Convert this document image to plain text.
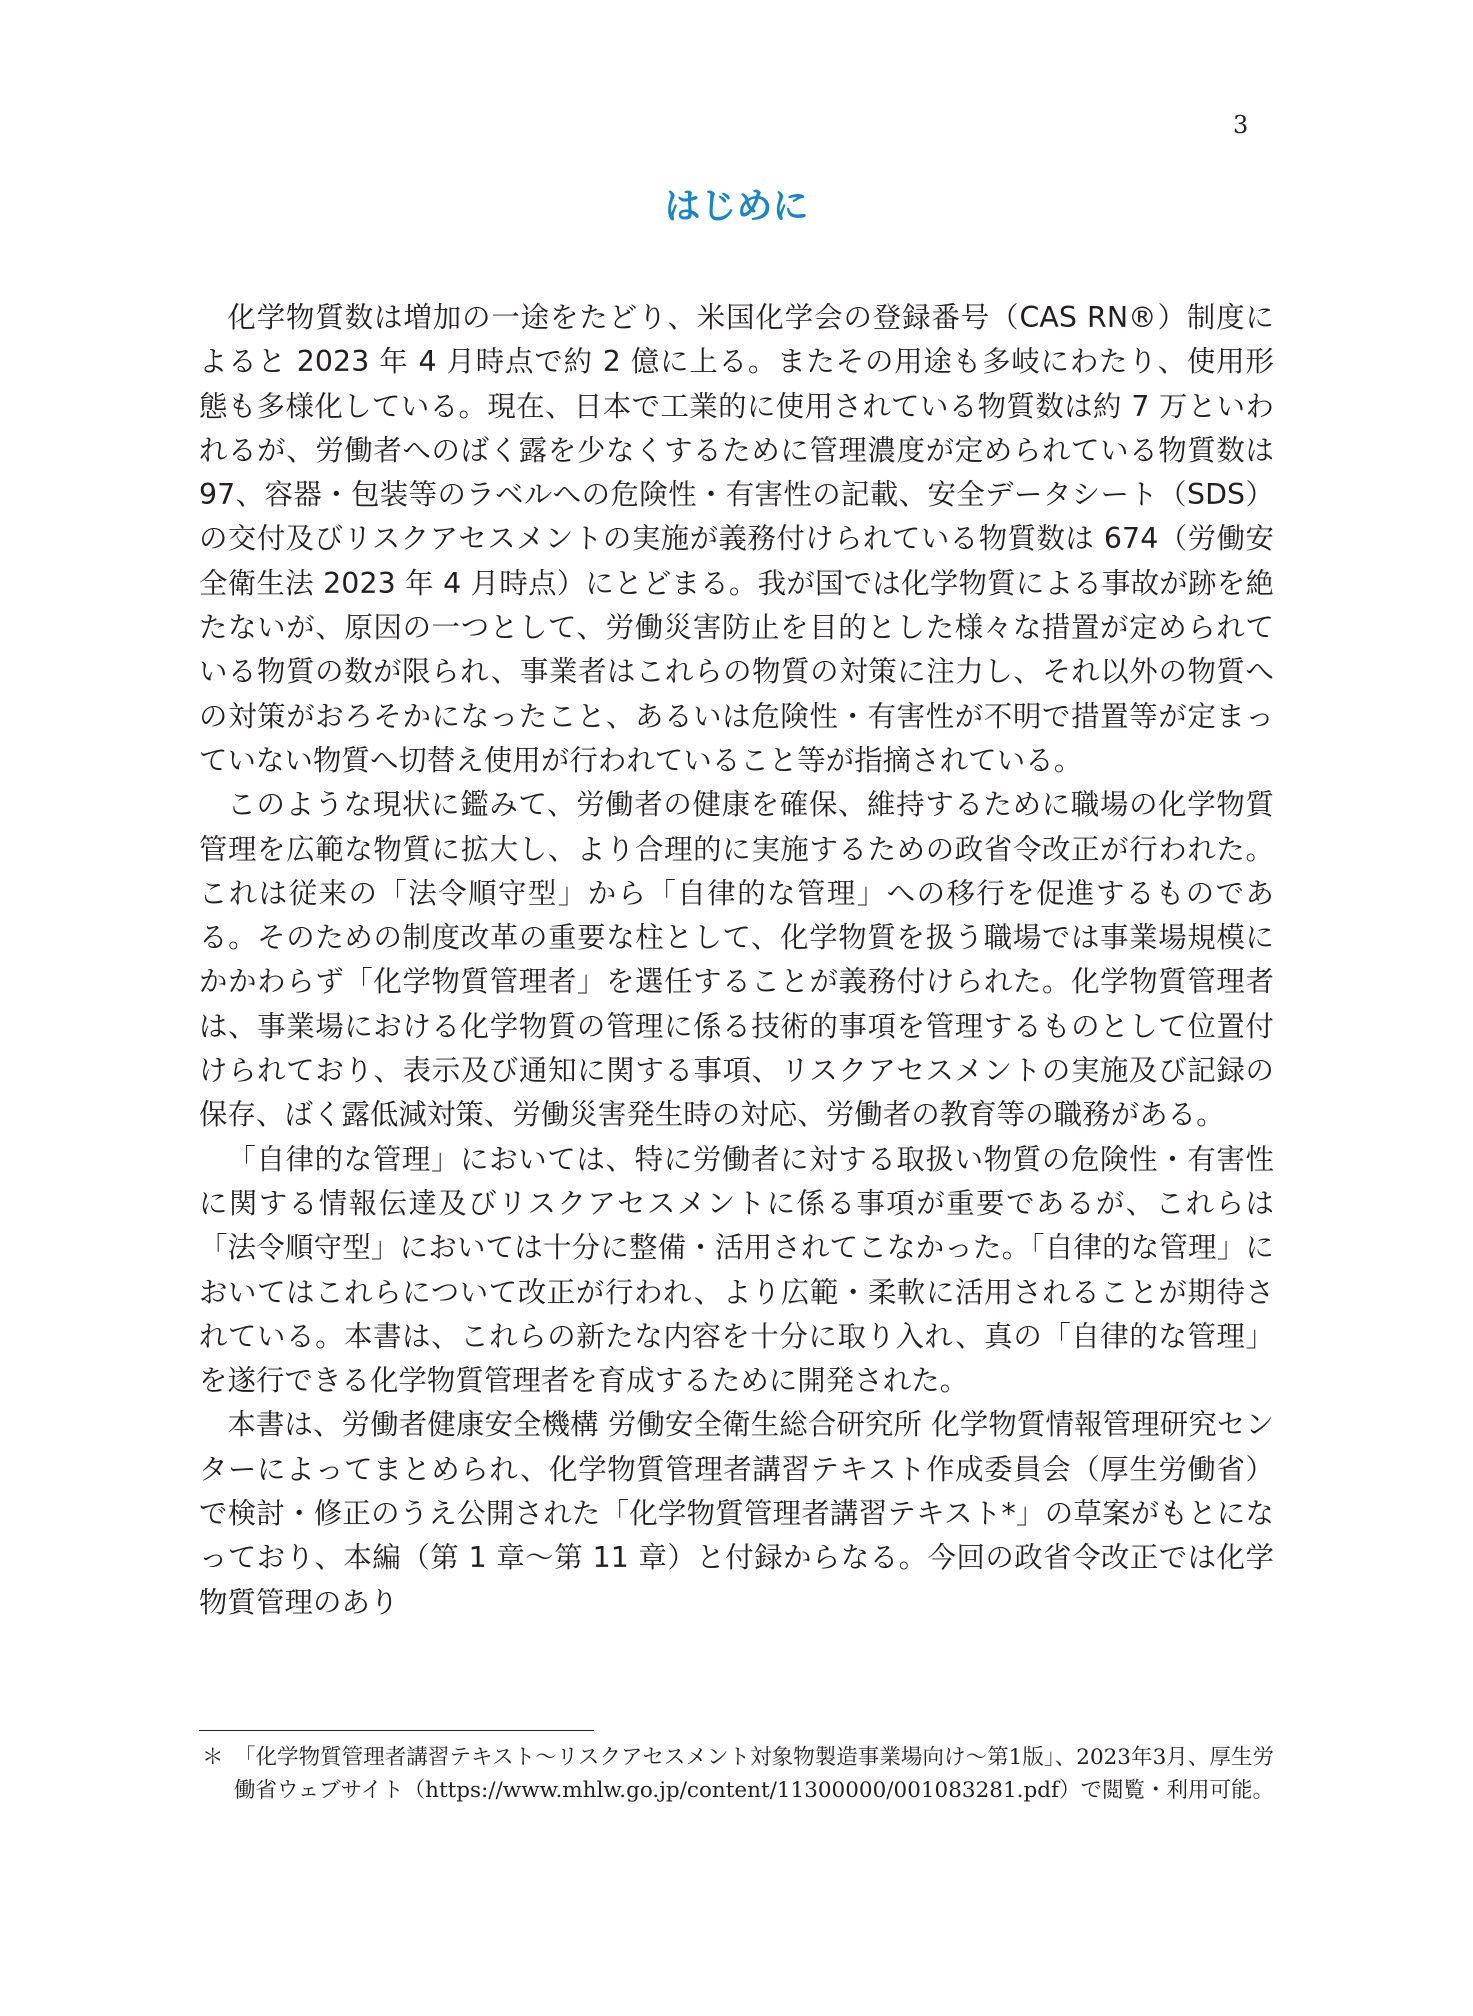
3
はじめに

化学物質数は増加の一途をたどり、米国化学会の登録番号（CAS RN®）制度によると 2023 年 4 月時点で約 2 億に上る。またその用途も多岐にわたり、使用形態も多様化している。現在、日本で工業的に使用されている物質数は約 7 万といわれるが、労働者へのばく露を少なくするために管理濃度が定められている物質数は 97、容器・包装等のラベルへの危険性・有害性の記載、安全データシート（SDS）の交付及びリスクアセスメントの実施が義務付けられている物質数は 674（労働安全衛生法 2023 年 4 月時点）にとどまる。我が国では化学物質による事故が跡を絶たないが、原因の一つとして、労働災害防止を目的とした様々な措置が定められている物質の数が限られ、事業者はこれらの物質の対策に注力し、それ以外の物質への対策がおろそかになったこと、あるいは危険性・有害性が不明で措置等が定まっていない物質へ切替え使用が行われていること等が指摘されている。

このような現状に鑑みて、労働者の健康を確保、維持するために職場の化学物質管理を広範な物質に拡大し、より合理的に実施するための政省令改正が行われた。これは従来の「法令順守型」から「自律的な管理」への移行を促進するものである。そのための制度改革の重要な柱として、化学物質を扱う職場では事業場規模にかかわらず「化学物質管理者」を選任することが義務付けられた。化学物質管理者は、事業場における化学物質の管理に係る技術的事項を管理するものとして位置付けられており、表示及び通知に関する事項、リスクアセスメントの実施及び記録の保存、ばく露低減対策、労働災害発生時の対応、労働者の教育等の職務がある。

「自律的な管理」においては、特に労働者に対する取扱い物質の危険性・有害性に関する情報伝達及びリスクアセスメントに係る事項が重要であるが、これらは「法令順守型」においては十分に整備・活用されてこなかった。「自律的な管理」においてはこれらについて改正が行われ、より広範・柔軟に活用されることが期待されている。本書は、これらの新たな内容を十分に取り入れ、真の「自律的な管理」を遂行できる化学物質管理者を育成するために開発された。

本書は、労働者健康安全機構 労働安全衛生総合研究所 化学物質情報管理研究センターによってまとめられ、化学物質管理者講習テキスト作成委員会（厚生労働省）で検討・修正のうえ公開された「化学物質管理者講習テキスト*」の草案がもとになっており、本編（第 1 章〜第 11 章）と付録からなる。今回の政省令改正では化学物質管理のあり

＊ 「化学物質管理者講習テキスト〜リスクアセスメント対象物製造事業場向け〜第1版」、2023年3月、厚生労働省ウェブサイト（https://www.mhlw.go.jp/content/11300000/001083281.pdf）で閲覧・利用可能。
